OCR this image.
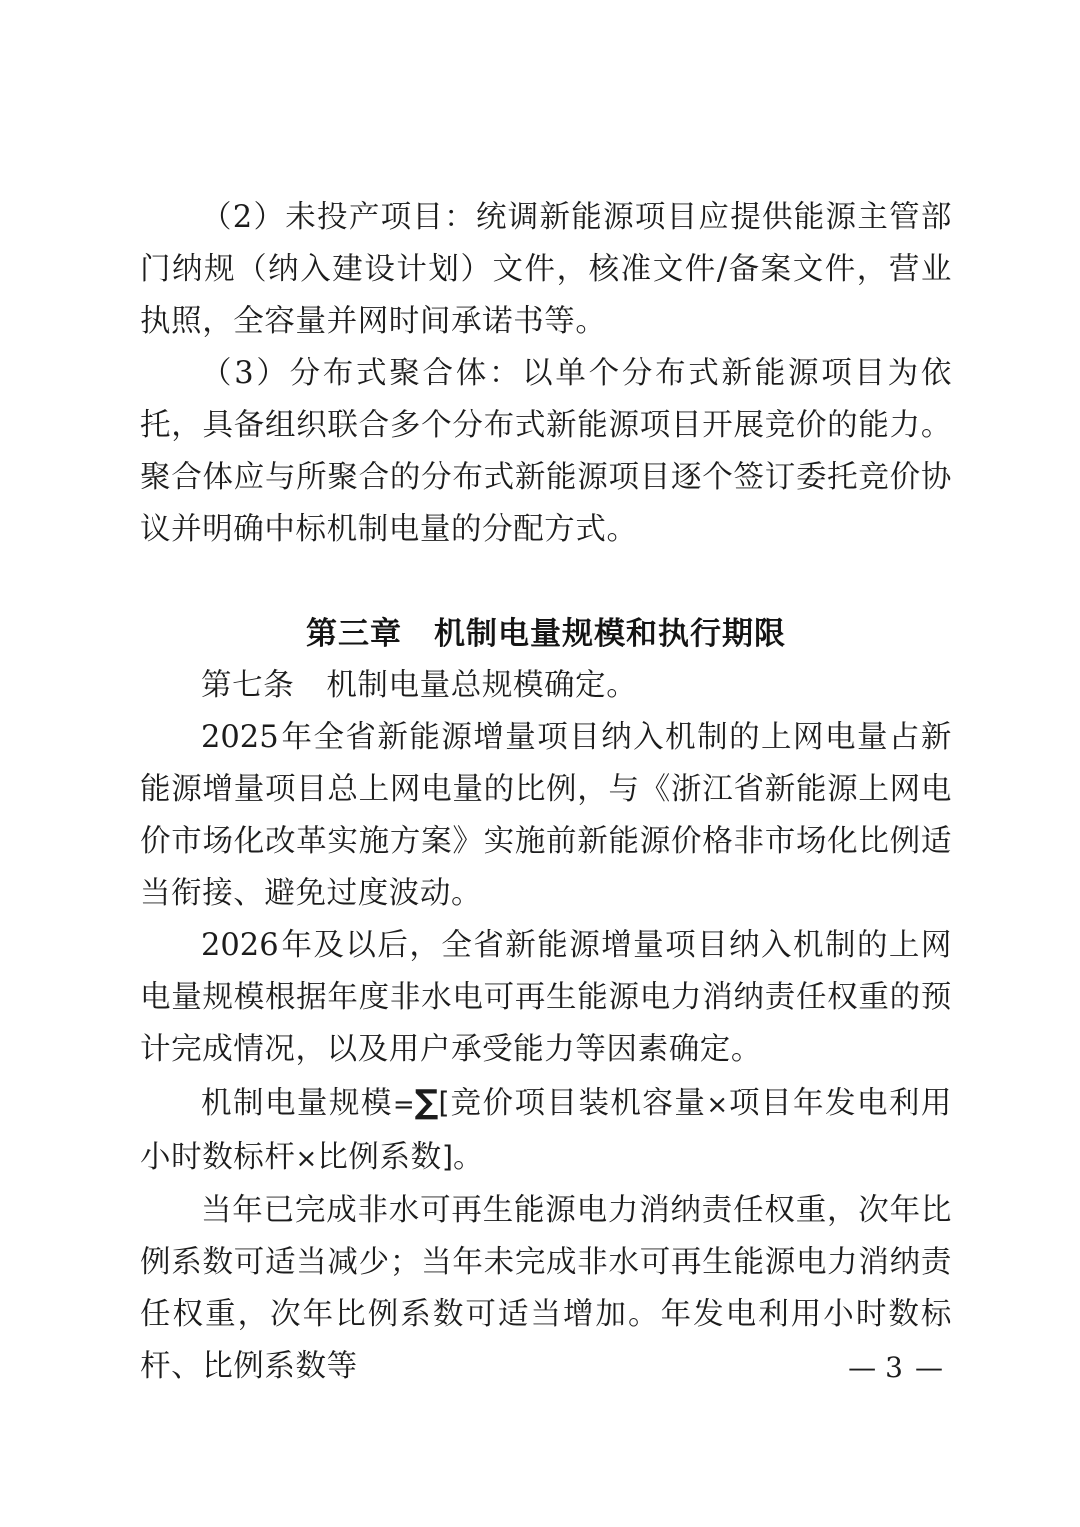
（2）未投产项目：统调新能源项目应提供能源主管部门纳规（纳入建设计划）文件，核准文件/备案文件，营业执照，全容量并网时间承诺书等。

（3）分布式聚合体：以单个分布式新能源项目为依托，具备组织联合多个分布式新能源项目开展竞价的能力。聚合体应与所聚合的分布式新能源项目逐个签订委托竞价协议并明确中标机制电量的分配方式。

第三章　机制电量规模和执行期限

第七条 机制电量总规模确定。

2025年全省新能源增量项目纳入机制的上网电量占新能源增量项目总上网电量的比例，与《浙江省新能源上网电价市场化改革实施方案》实施前新能源价格非市场化比例适当衔接、避免过度波动。

2026年及以后，全省新能源增量项目纳入机制的上网电量规模根据年度非水电可再生能源电力消纳责任权重的预计完成情况，以及用户承受能力等因素确定。

机制电量规模=∑[竞价项目装机容量×项目年发电利用小时数标杆×比例系数]。

当年已完成非水可再生能源电力消纳责任权重，次年比例系数可适当减少；当年未完成非水可再生能源电力消纳责任权重，次年比例系数可适当增加。年发电利用小时数标杆、比例系数等	— 3 —
